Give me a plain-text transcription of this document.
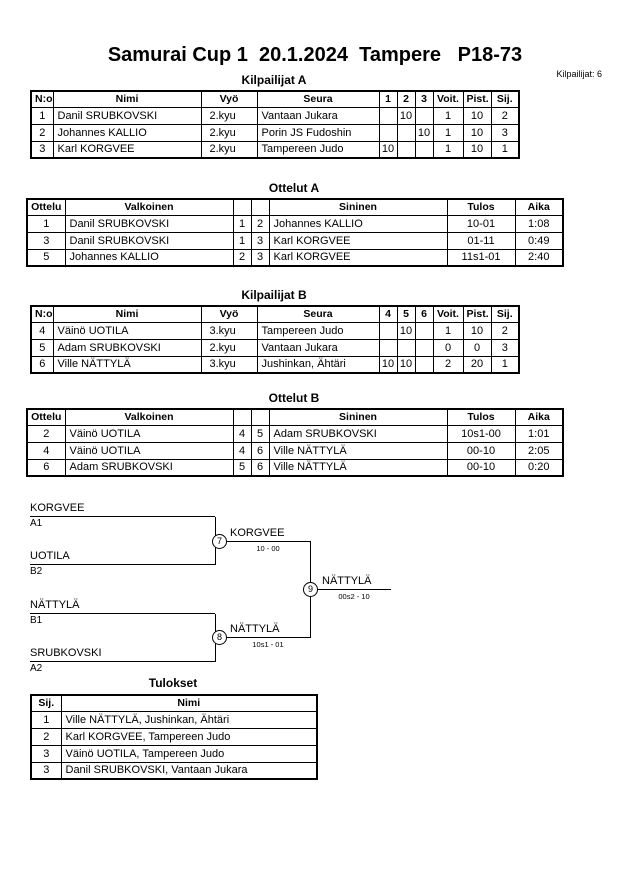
Samurai Cup 1  20.1.2024  Tampere   P18-73
Kilpailijat: 6
Kilpailijat A
N:o	Nimi	Vyö	Seura	1	2	3	Voit.	Pist.	Sij.
1	Danil SRUBKOVSKI	2.kyu	Vantaan Jukara		10		1	10	2
2	Johannes KALLIO	2.kyu	Porin JS Fudoshin			10	1	10	3
3	Karl KORGVEE	2.kyu	Tampereen Judo	10			1	10	1
Ottelut A
Ottelu	Valkoinen			Sininen	Tulos	Aika
1	Danil SRUBKOVSKI	1	2	Johannes KALLIO	10-01	1:08
3	Danil SRUBKOVSKI	1	3	Karl KORGVEE	01-11	0:49
5	Johannes KALLIO	2	3	Karl KORGVEE	11s1-01	2:40
Kilpailijat B
N:o	Nimi	Vyö	Seura	4	5	6	Voit.	Pist.	Sij.
4	Väinö UOTILA	3.kyu	Tampereen Judo		10		1	10	2
5	Adam SRUBKOVSKI	2.kyu	Vantaan Jukara				0	0	3
6	Ville NÄTTYLÄ	3.kyu	Jushinkan, Ähtäri	10	10		2	20	1
Ottelut B
Ottelu	Valkoinen			Sininen	Tulos	Aika
2	Väinö UOTILA	4	5	Adam SRUBKOVSKI	10s1-00	1:01
4	Väinö UOTILA	4	6	Ville NÄTTYLÄ	00-10	2:05
6	Adam SRUBKOVSKI	5	6	Ville NÄTTYLÄ	00-10	0:20
KORGVEE
A1
UOTILA
B2
7
KORGVEE
10 - 00
NÄTTYLÄ
B1
SRUBKOVSKI
A2
8
NÄTTYLÄ
10s1 - 01
9
NÄTTYLÄ
00s2 - 10
Tulokset
Sij.	Nimi
1	Ville NÄTTYLÄ, Jushinkan, Ähtäri
2	Karl KORGVEE, Tampereen Judo
3	Väinö UOTILA, Tampereen Judo
3	Danil SRUBKOVSKI, Vantaan Jukara
